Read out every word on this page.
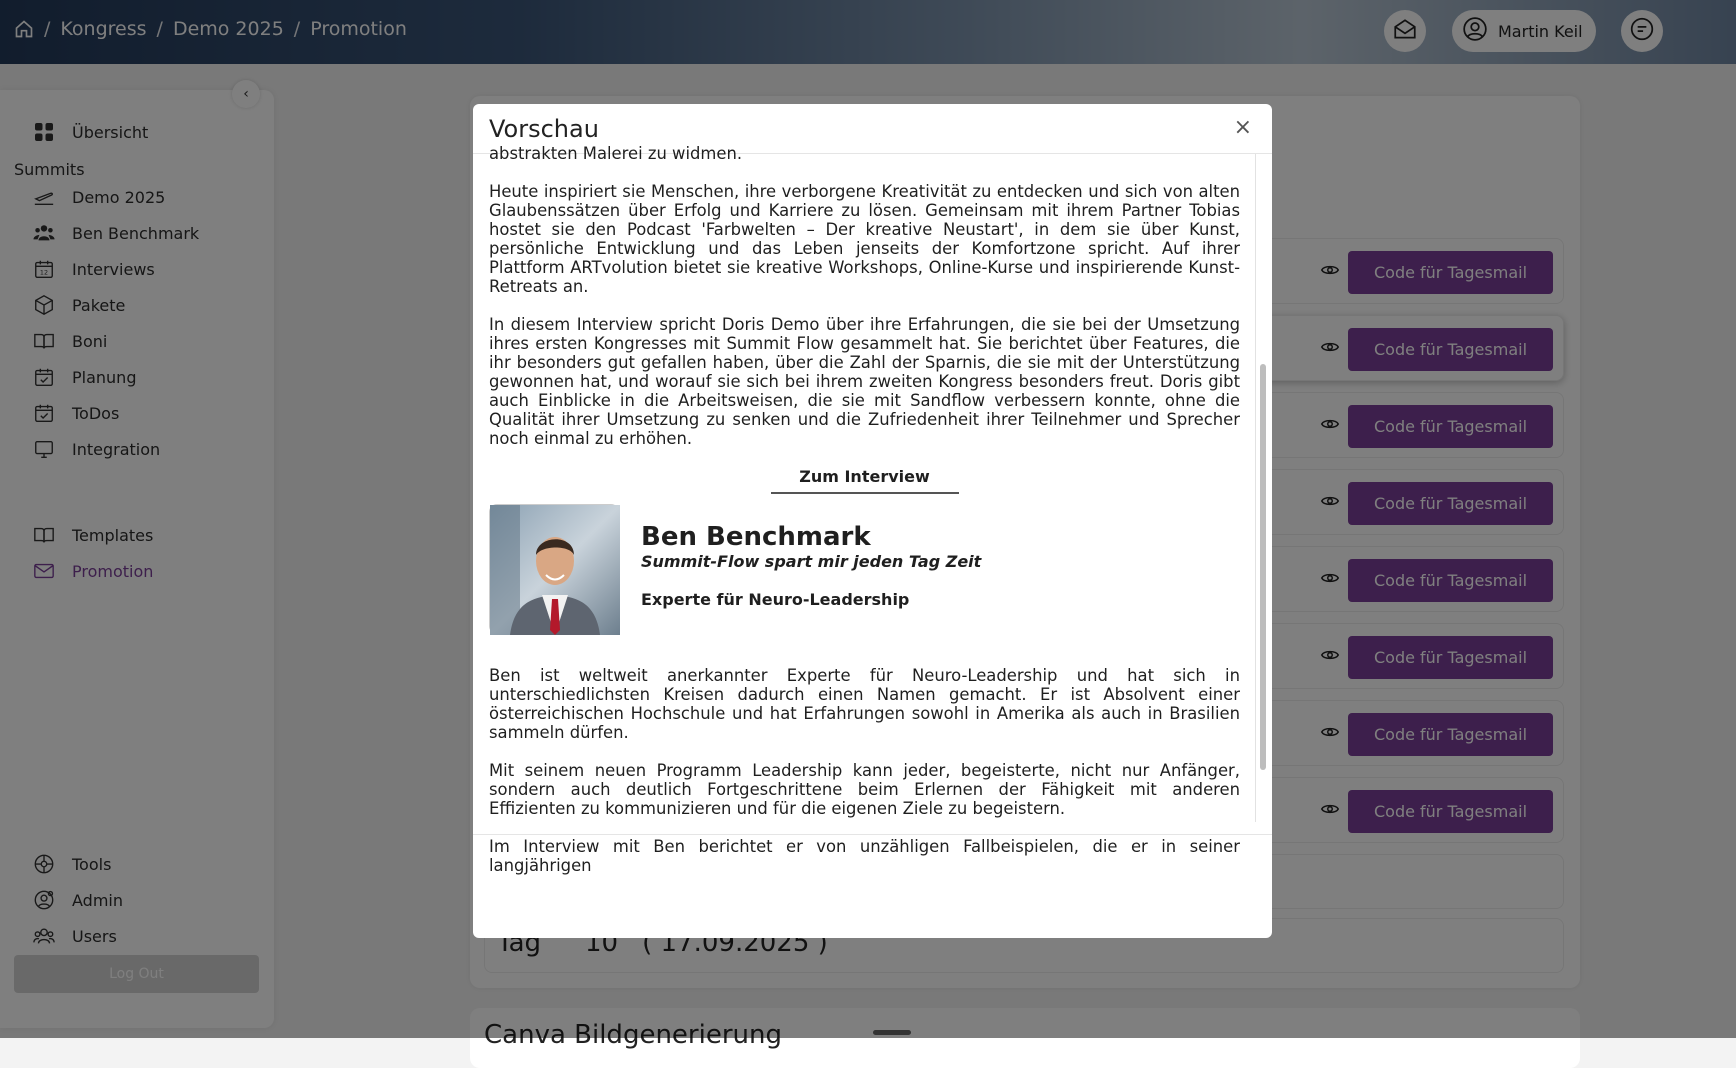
Vorschau	×

abstrakten Malerei zu widmen.

Heute inspiriert sie Menschen, ihre verborgene Kreativität zu entdecken und sich von alten Glaubenssätzen über Erfolg und Karriere zu lösen. Gemeinsam mit ihrem Partner Tobias hostet sie den Podcast 'Farbwelten – Der kreative Neustart', in dem sie über Kunst, persönliche Entwicklung und das Leben jenseits der Komfortzone spricht. Auf ihrer Plattform ARTvolution bietet sie kreative Workshops, Online-Kurse und inspirierende Kunst-Retreats an.

In diesem Interview spricht Doris Demo über ihre Erfahrungen, die sie bei der Umsetzung ihres ersten Kongresses mit Summit Flow gesammelt hat. Sie berichtet über Features, die ihr besonders gut gefallen haben, über die Zahl der Sparnis, die sie mit der Unterstützung gewonnen hat, und worauf sie sich bei ihrem zweiten Kongress besonders freut. Doris gibt auch Einblicke in die Arbeitsweisen, die sie mit Sandflow verbessern konnte, ohne die Qualität ihrer Umsetzung zu senken und die Zufriedenheit ihrer Teilnehmer und Sprecher noch einmal zu erhöhen.

Zum Interview
Ben Benchmark
Summit-Flow spart mir jeden Tag Zeit
Experte für Neuro-Leadership

Ben ist weltweit anerkannter Experte für Neuro-Leadership und hat sich in unterschiedlichsten Kreisen dadurch einen Namen gemacht. Er ist Absolvent einer österreichischen Hochschule und hat Erfahrungen sowohl in Amerika als auch in Brasilien sammeln dürfen.

Mit seinem neuen Programm Leadership kann jeder, begeisterte, nicht nur Anfänger, sondern auch deutlich Fortgeschrittene beim Erlernen der Fähigkeit mit anderen Effizienten zu kommunizieren und für die eigenen Ziele zu begeistern.

Im Interview mit Ben berichtet er von unzähligen Fallbeispielen, die er in seiner langjährigen
